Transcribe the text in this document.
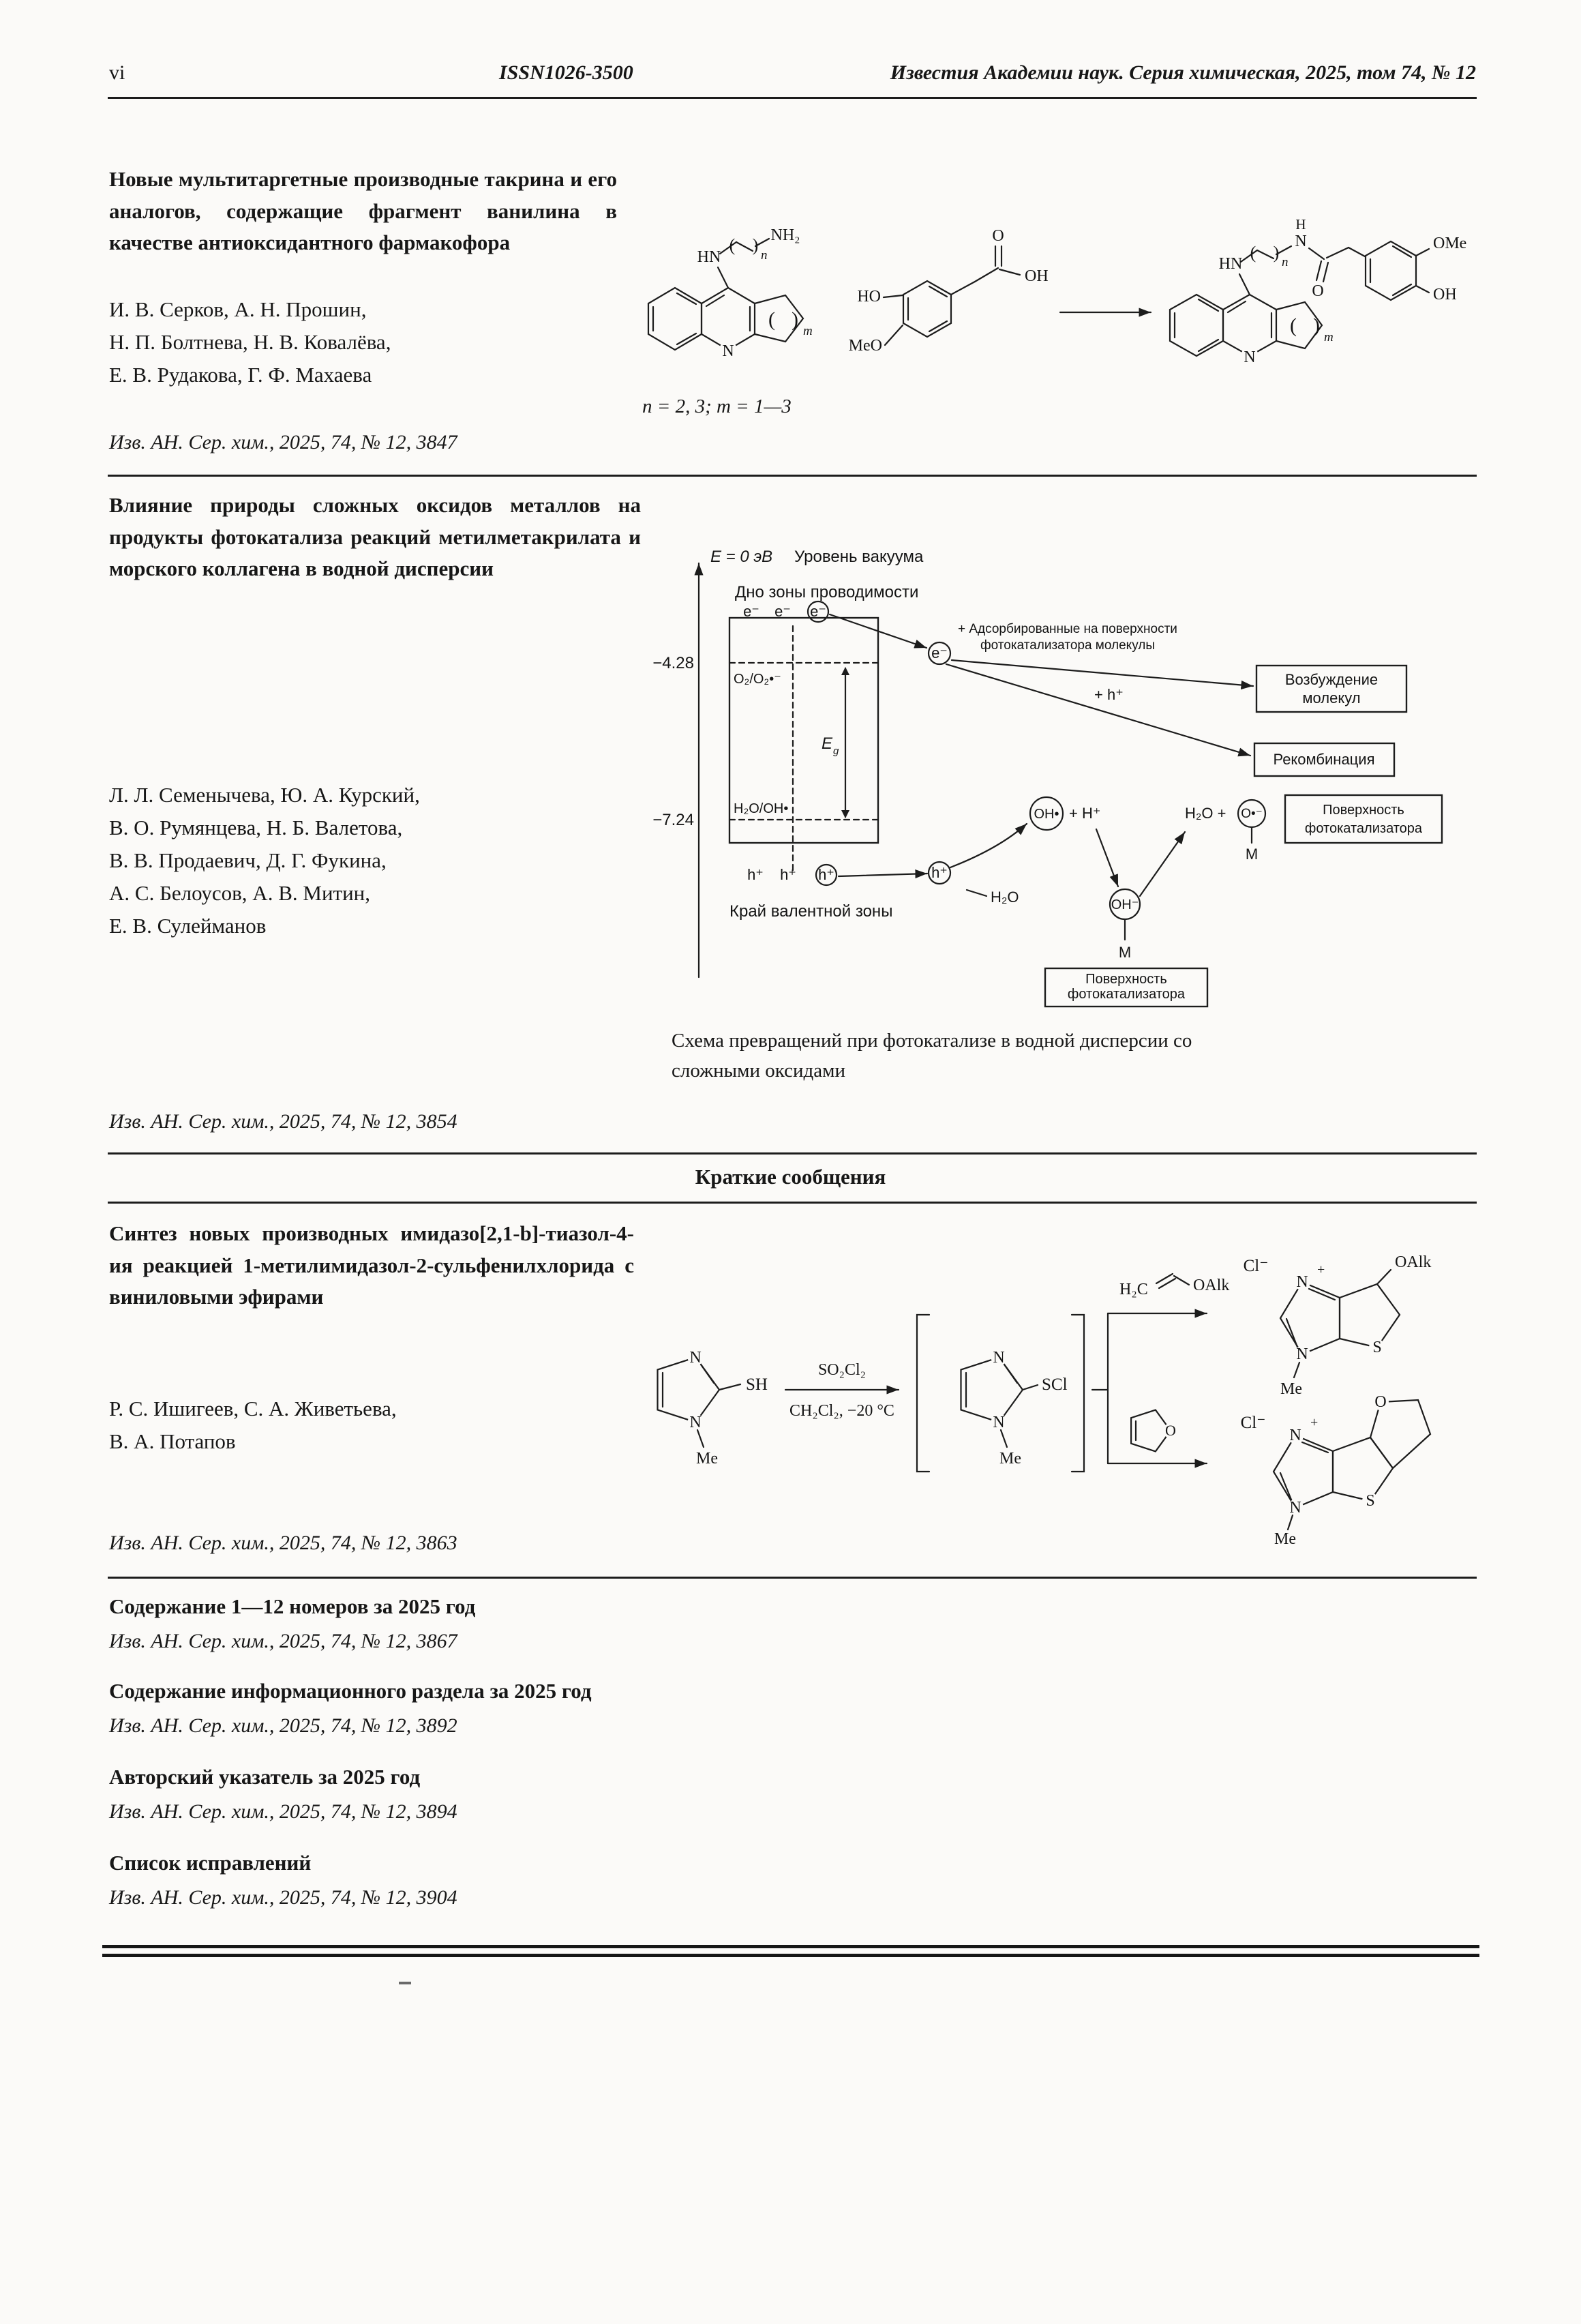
vi	ISSN1026-3500	Известия Академии наук. Серия химическая, 2025, том 74, № 12
Новые мультитаргетные производные такрина и его аналогов, содержащие фрагмент ванилина в качестве антиоксидантного фармакофора
И. В. Серков, А. Н. Прошин,
Н. П. Болтнева, Н. В. Ковалёва,
Е. В. Рудакова, Г. Ф. Махаева
N
( )
m
HN
( )
n
NH₂
HO
MeO
O
OH
N
( )
m
HN
( ) n
H
N
O
OMe
OH
n = 2, 3; m = 1—3
Изв. АН. Сер. хим., 2025, 74, № 12, 3847
Влияние природы сложных оксидов металлов на продукты фотокатализа реакций метилметакрилата и морского коллагена в водной дисперсии
Л. Л. Семенычева, Ю. А. Курский,
В. О. Румянцева, Н. Б. Валетова,
В. В. Продаевич, Д. Г. Фукина,
А. С. Белоусов, А. В. Митин,
Е. В. Сулейманов
E = 0 эВ Уровень вакуума
Дно зоны проводимости
e⁻ e⁻ e⁻
O₂/O₂•⁻
−4.28
E g
H₂O/OH•
−7.24
h⁺ h⁺ h⁺
Край валентной зоны
e⁻
+ Адсорбированные на поверхности
фотокатализатора молекулы
Возбуждение
молекул
+ h⁺
Рекомбинация
h⁺
H₂O
OH• + H⁺
OH⁻
M
H₂O + O•⁻
M
Поверхность
фотокатализатора
Поверхность
фотокатализатора
Схема превращений при фотокатализе в водной дисперсии со сложными оксидами
Изв. АН. Сер. хим., 2025, 74, № 12, 3854
Краткие сообщения
Синтез новых производных имидазо[2,1-b]-тиазол-4-ия реакцией 1-метилимидазол-2-сульфенилхлорида с виниловыми эфирами
Р. С. Ишигеев, С. А. Живетьева,
В. А. Потапов
N
N
SH
Me
SO₂Cl₂
CH₂Cl₂, −20 °C
N
N
SCl
Me
H₂C	OAlk
O
Cl⁻
N
+
N
Me
S
OAlk
Cl⁻
N
+
N
Me
S
O
Изв. АН. Сер. хим., 2025, 74, № 12, 3863
Содержание 1—12 номеров за 2025 год
Изв. АН. Сер. хим., 2025, 74, № 12, 3867
Содержание информационного раздела за 2025 год
Изв. АН. Сер. хим., 2025, 74, № 12, 3892
Авторский указатель за 2025 год
Изв. АН. Сер. хим., 2025, 74, № 12, 3894
Список исправлений
Изв. АН. Сер. хим., 2025, 74, № 12, 3904
